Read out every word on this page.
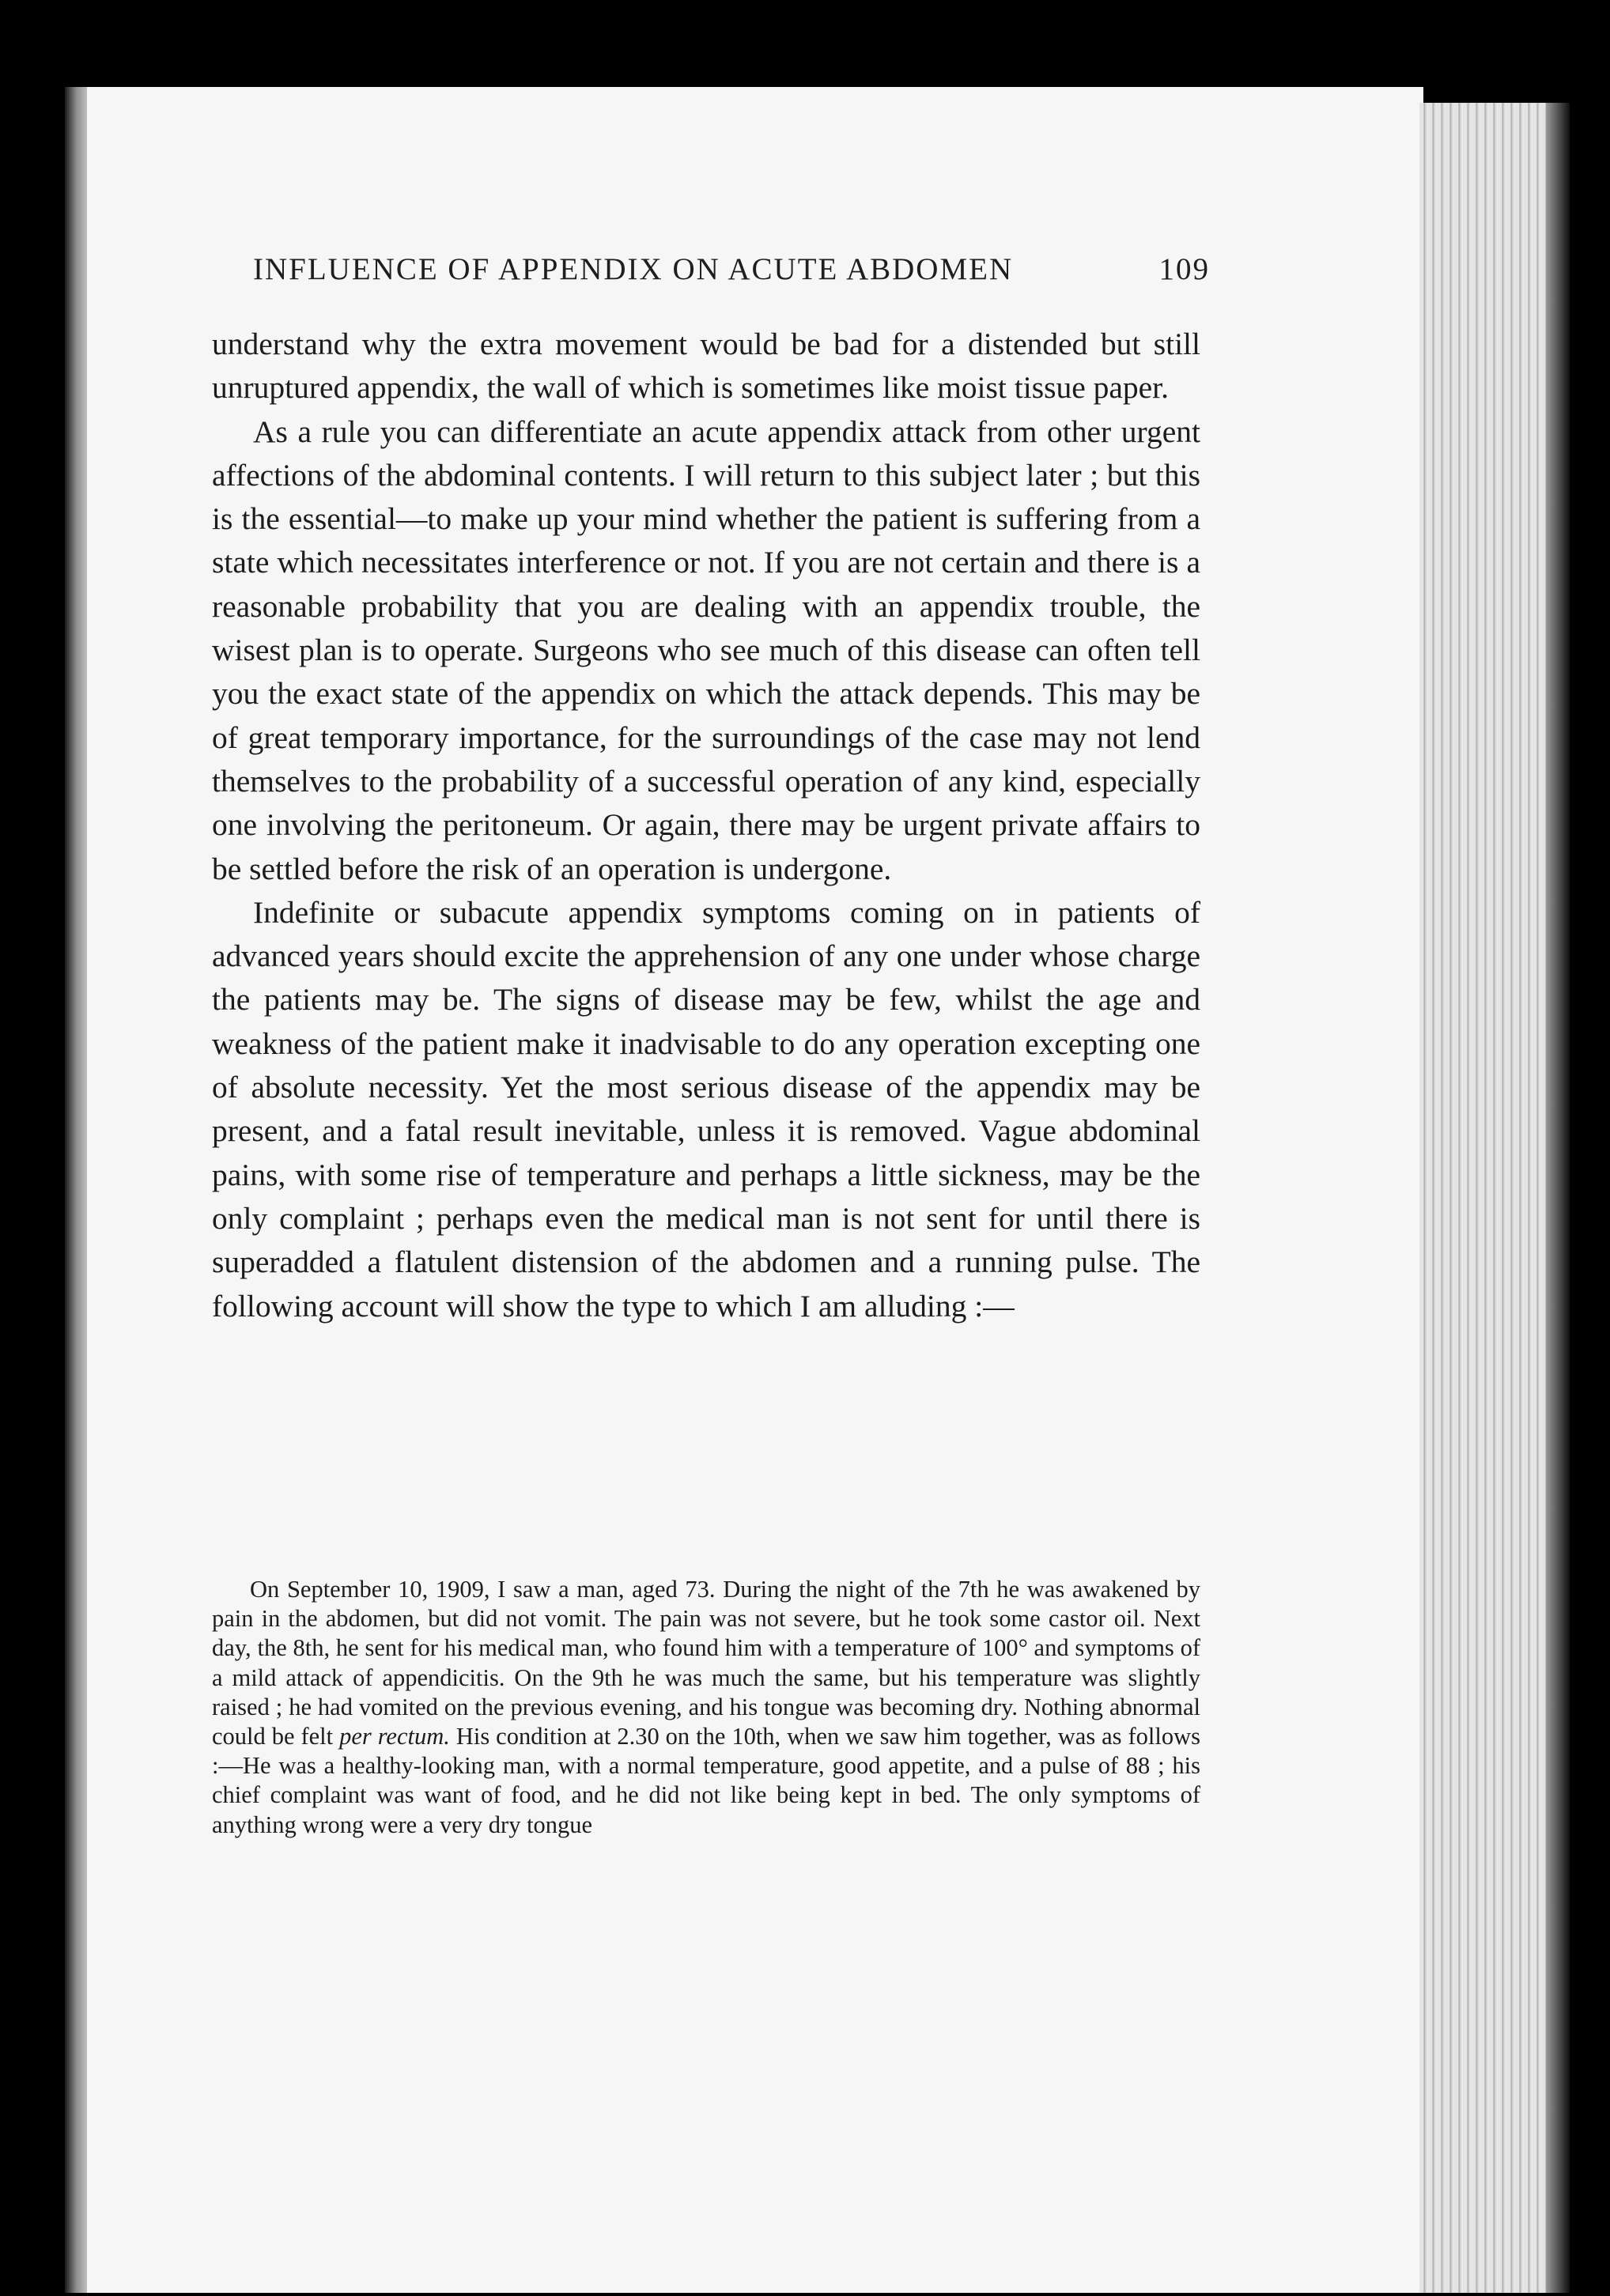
INFLUENCE OF APPENDIX ON ACUTE ABDOMEN	109

understand why the extra movement would be bad for a distended but still unruptured appendix, the wall of which is sometimes like moist tissue paper.

As a rule you can differentiate an acute appendix attack from other urgent affections of the abdominal contents. I will return to this subject later ; but this is the essential—to make up your mind whether the patient is suffering from a state which necessitates interference or not. If you are not certain and there is a reasonable probability that you are dealing with an appendix trouble, the wisest plan is to operate. Surgeons who see much of this disease can often tell you the exact state of the appendix on which the attack depends. This may be of great temporary importance, for the surroundings of the case may not lend themselves to the probability of a successful operation of any kind, especially one involving the peritoneum. Or again, there may be urgent private affairs to be settled before the risk of an operation is undergone.

Indefinite or subacute appendix symptoms coming on in patients of advanced years should excite the apprehension of any one under whose charge the patients may be. The signs of disease may be few, whilst the age and weakness of the patient make it inadvisable to do any operation excepting one of absolute necessity. Yet the most serious disease of the appendix may be present, and a fatal result inevitable, unless it is removed. Vague abdominal pains, with some rise of temperature and perhaps a little sickness, may be the only complaint ; perhaps even the medical man is not sent for until there is superadded a flatulent distension of the abdomen and a running pulse. The following account will show the type to which I am alluding :—

On September 10, 1909, I saw a man, aged 73. During the night of the 7th he was awakened by pain in the abdomen, but did not vomit. The pain was not severe, but he took some castor oil. Next day, the 8th, he sent for his medical man, who found him with a temperature of 100° and symptoms of a mild attack of appendicitis. On the 9th he was much the same, but his temperature was slightly raised ; he had vomited on the previous evening, and his tongue was becoming dry. Nothing abnormal could be felt per rectum. His condition at 2.30 on the 10th, when we saw him together, was as follows :—He was a healthy-looking man, with a normal temperature, good appetite, and a pulse of 88 ; his chief complaint was want of food, and he did not like being kept in bed. The only symptoms of anything wrong were a very dry tongue
